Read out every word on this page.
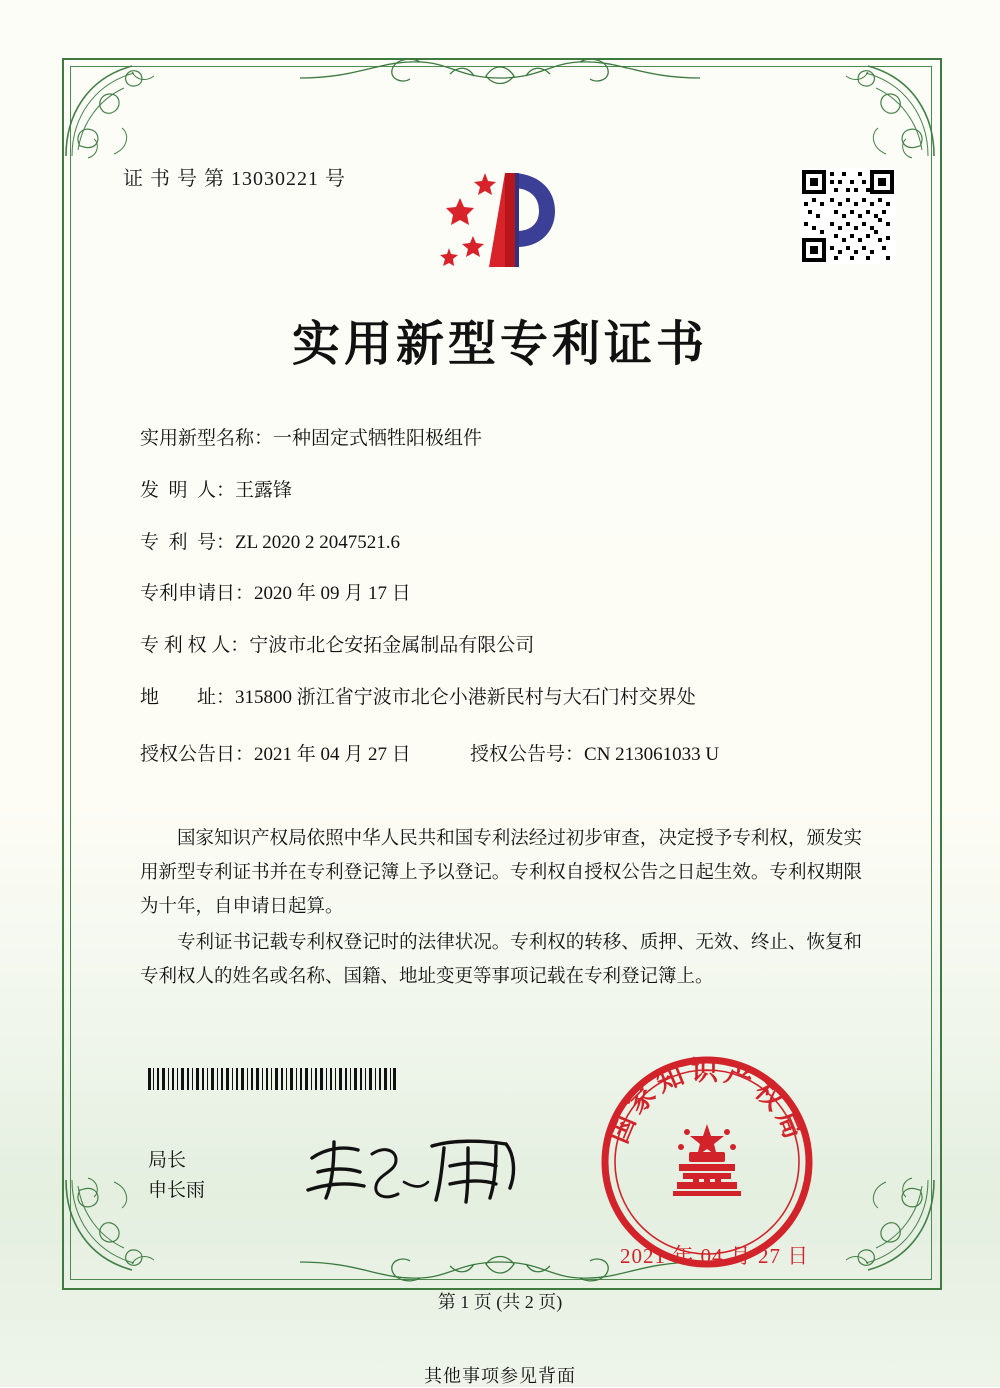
证 书 号 第 13030221 号
实用新型专利证书
实用新型名称： 一种固定式牺牲阳极组件
发  明  人： 王露锋
专  利  号： ZL 2020 2 2047521.6
专利申请日： 2020 年 09 月 17 日
专 利 权 人： 宁波市北仑安拓金属制品有限公司
地        址： 315800 浙江省宁波市北仑小港新民村与大石门村交界处
授权公告日：2021 年 04 月 27 日	授权公告号：CN 213061033 U

国家知识产权局依照中华人民共和国专利法经过初步审查，决定授予专利权，颁发实用新型专利证书并在专利登记簿上予以登记。专利权自授权公告之日起生效。专利权期限为十年，自申请日起算。

专利证书记载专利权登记时的法律状况。专利权的转移、质押、无效、终止、恢复和专利权人的姓名或名称、国籍、地址变更等事项记载在专利登记簿上。

局长
申长雨
国家知识产权局
2021 年 04 月 27 日
第 1 页 (共 2 页)
其他事项参见背面
